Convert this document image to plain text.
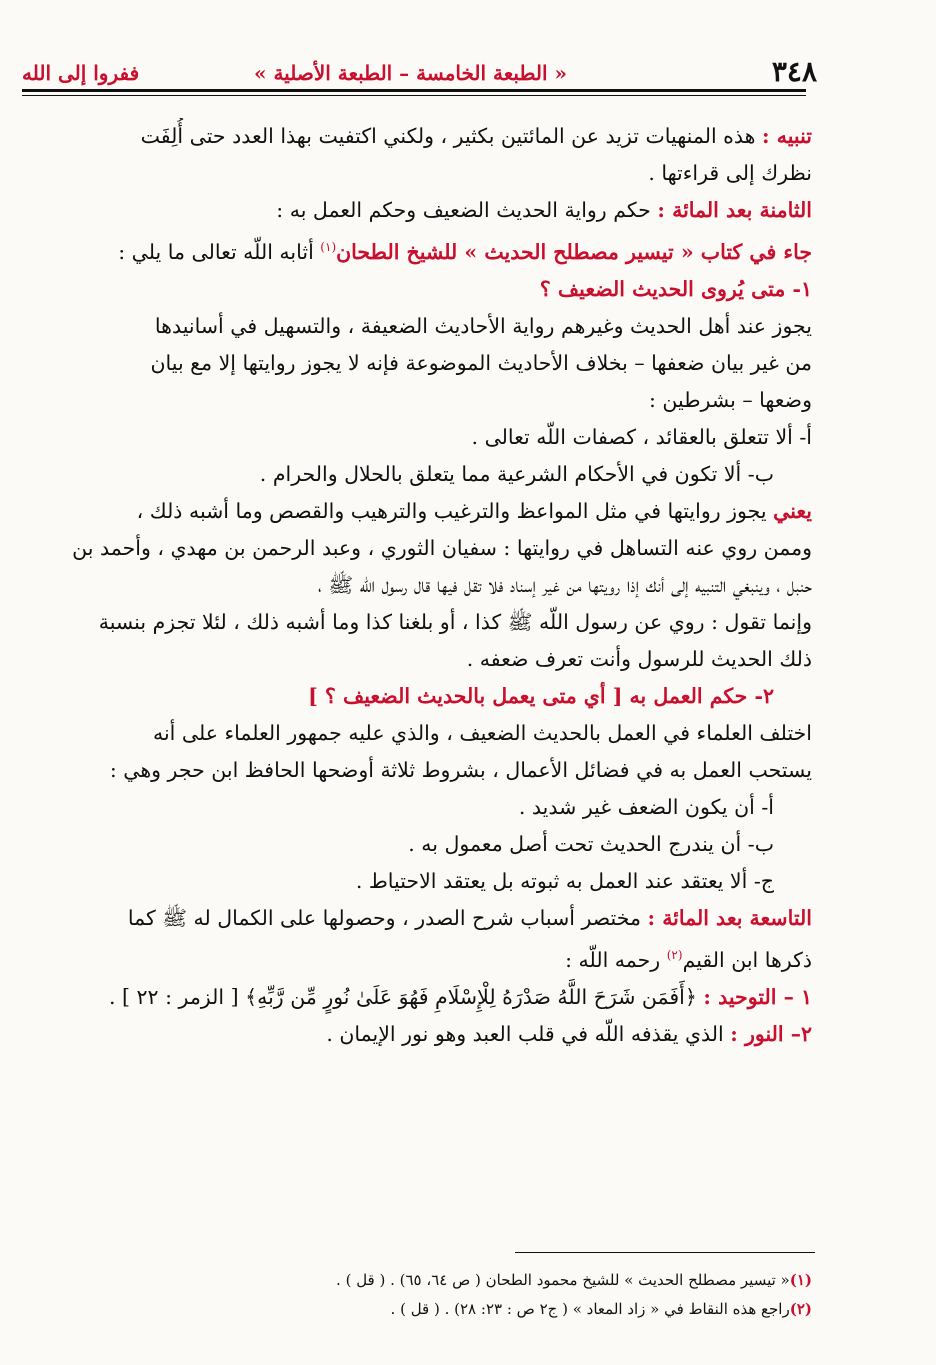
٣٤٨
« الطبعة الخامسة – الطبعة الأصلية »
ففروا إلى الله

تنبيه : هذه المنهيات تزيد عن المائتين بكثير ، ولكني اكتفيت بهذا العدد حتى أُلِفَت

نظرك إلى قراءتها .

الثامنة بعد المائة : حكم رواية الحديث الضعيف وحكم العمل به :

جاء في كتاب « تيسير مصطلح الحديث » للشيخ الطحان$^{(١)}$ أثابه اللّه تعالى ما يلي :

١- متى يُروى الحديث الضعيف ؟

يجوز عند أهل الحديث وغيرهم رواية الأحاديث الضعيفة ، والتسهيل في أسانيدها

من غير بيان ضعفها – بخلاف الأحاديث الموضوعة فإنه لا يجوز روايتها إلا مع بيان

وضعها – بشرطين :

أ- ألا تتعلق بالعقائد ، كصفات اللّه تعالى .

ب- ألا تكون في الأحكام الشرعية مما يتعلق بالحلال والحرام .

يعني يجوز روايتها في مثل المواعظ والترغيب والترهيب والقصص وما أشبه ذلك ،

وممن روي عنه التساهل في روايتها : سفيان الثوري ، وعبد الرحمن بن مهدي ، وأحمد بن

حنبل ، وينبغي التنبيه إلى أنك إذا رويتها من غير إسناد فلا تقل فيها قال رسول اللّه ﷺ ،

وإنما تقول : روي عن رسول اللّه ﷺ كذا ، أو بلغنا كذا وما أشبه ذلك ، لئلا تجزم بنسبة

ذلك الحديث للرسول وأنت تعرف ضعفه .

٢- حكم العمل به [ أي متى يعمل بالحديث الضعيف ؟ ]

اختلف العلماء في العمل بالحديث الضعيف ، والذي عليه جمهور العلماء على أنه

يستحب العمل به في فضائل الأعمال ، بشروط ثلاثة أوضحها الحافظ ابن حجر وهي :

أ- أن يكون الضعف غير شديد .

ب- أن يندرج الحديث تحت أصل معمول به .

ج- ألا يعتقد عند العمل به ثبوته بل يعتقد الاحتياط .

التاسعة بعد المائة : مختصر أسباب شرح الصدر ، وحصولها على الكمال له ﷺ كما

ذكرها ابن القيم$^{(٢)}$ رحمه اللّه :

١ – التوحيد : ﴿أَفَمَن شَرَحَ اللَّهُ صَدْرَهُ لِلْإِسْلَامِ فَهُوَ عَلَىٰ نُورٍ مِّن رَّبِّهِ﴾ [ الزمر : ٢٢ ] .

٢– النور : الذي يقذفه اللّه في قلب العبد وهو نور الإيمان .

(١)« تيسير مصطلح الحديث » للشيخ محمود الطحان ( ص ٦٤، ٦٥) . ( قل ) .
(٢)راجع هذه النقاط في « زاد المعاد » ( ج٢ ص : ٢٣: ٢٨) . ( قل ) .
